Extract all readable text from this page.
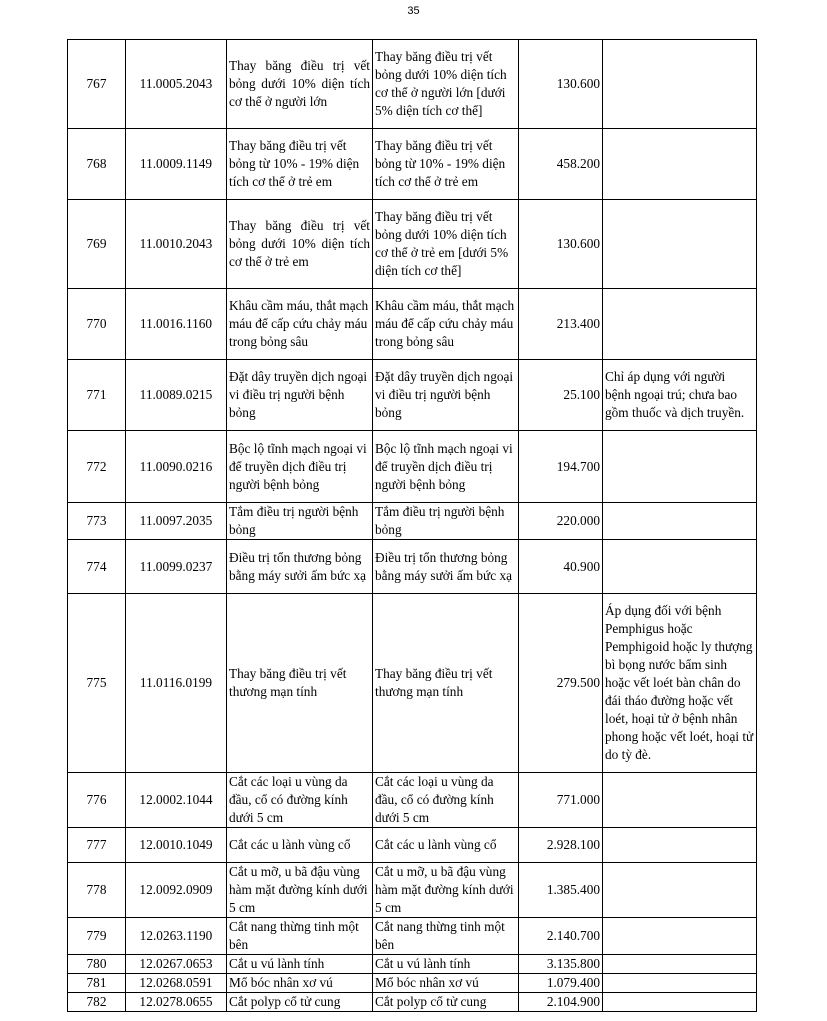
35
767	11.0005.2043	Thay băng điều trị vết bỏng dưới 10% diện tích cơ thể ở người lớn	Thay băng điều trị vết bỏng dưới 10% diện tích cơ thể ở người lớn [dưới 5% diện tích cơ thể]	130.600	
768	11.0009.1149	Thay băng điều trị vết bỏng từ 10% - 19% diện tích cơ thể ở trẻ em	Thay băng điều trị vết bỏng từ 10% - 19% diện tích cơ thể ở trẻ em	458.200	
769	11.0010.2043	Thay băng điều trị vết bỏng dưới 10% diện tích cơ thể ở trẻ em	Thay băng điều trị vết bỏng dưới 10% diện tích cơ thể ở trẻ em [dưới 5% diện tích cơ thể]	130.600	
770	11.0016.1160	Khâu cầm máu, thắt mạch máu để cấp cứu chảy máu trong bỏng sâu	Khâu cầm máu, thắt mạch máu để cấp cứu chảy máu trong bỏng sâu	213.400	
771	11.0089.0215	Đặt dây truyền dịch ngoại vi điều trị người bệnh bỏng	Đặt dây truyền dịch ngoại vi điều trị người bệnh bỏng	25.100	Chỉ áp dụng với người bệnh ngoại trú; chưa bao gồm thuốc và dịch truyền.
772	11.0090.0216	Bộc lộ tĩnh mạch ngoại vi để truyền dịch điều trị người bệnh bỏng	Bộc lộ tĩnh mạch ngoại vi để truyền dịch điều trị người bệnh bỏng	194.700	
773	11.0097.2035	Tắm điều trị người bệnh bỏng	Tắm điều trị người bệnh bỏng	220.000	
774	11.0099.0237	Điều trị tổn thương bỏng bằng máy sưởi ấm bức xạ	Điều trị tổn thương bỏng bằng máy sưởi ấm bức xạ	40.900	
775	11.0116.0199	Thay băng điều trị vết thương mạn tính	Thay băng điều trị vết thương mạn tính	279.500	Áp dụng đối với bệnh Pemphigus hoặc Pemphigoid hoặc ly thượng bì bọng nước bẩm sinh hoặc vết loét bàn chân do đái tháo đường hoặc vết loét, hoại tử ở bệnh nhân phong hoặc vết loét, hoại tử do tỳ đè.
776	12.0002.1044	Cắt các loại u vùng da đầu, cổ có đường kính dưới 5 cm	Cắt các loại u vùng da đầu, cổ có đường kính dưới 5 cm	771.000	
777	12.0010.1049	Cắt các u lành vùng cổ	Cắt các u lành vùng cổ	2.928.100	
778	12.0092.0909	Cắt u mỡ, u bã đậu vùng hàm mặt đường kính dưới 5 cm	Cắt u mỡ, u bã đậu vùng hàm mặt đường kính dưới 5 cm	1.385.400	
779	12.0263.1190	Cắt nang thừng tinh một bên	Cắt nang thừng tinh một bên	2.140.700	
780	12.0267.0653	Cắt u vú lành tính	Cắt u vú lành tính	3.135.800	
781	12.0268.0591	Mổ bóc nhân xơ vú	Mổ bóc nhân xơ vú	1.079.400	
782	12.0278.0655	Cắt polyp cổ tử cung	Cắt polyp cổ tử cung	2.104.900	
